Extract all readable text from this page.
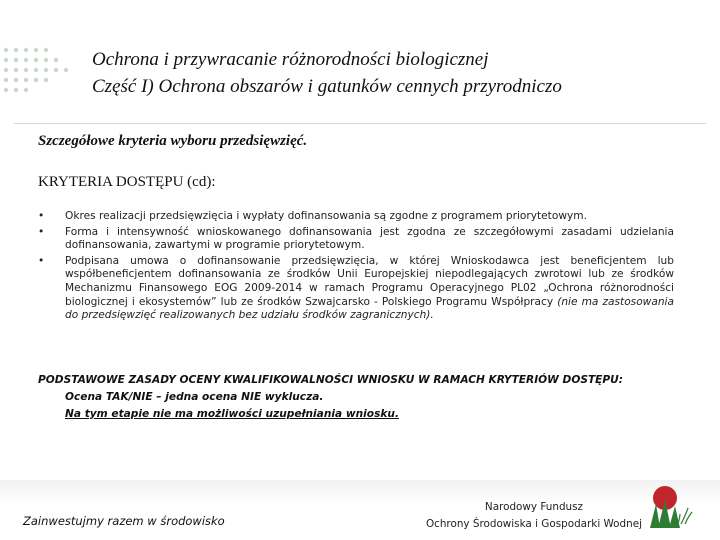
Ochrona i przywracanie różnorodności biologicznej
Część I) Ochrona obszarów i gatunków cennych przyrodniczo
Szczegółowe kryteria wyboru przedsięwzięć.
KRYTERIA DOSTĘPU (cd):
• Okres realizacji przedsięwzięcia i wypłaty dofinansowania są zgodne z programem priorytetowym.
• Forma i intensywność wnioskowanego dofinansowania jest zgodna ze szczegółowymi zasadami udzielania dofinansowania, zawartymi w programie priorytetowym.
• Podpisana umowa o dofinansowanie przedsięwzięcia, w której Wnioskodawca jest beneficjentem lub współbeneficjentem dofinansowania ze środków Unii Europejskiej niepodlegających zwrotowi lub ze środków Mechanizmu Finansowego EOG 2009-2014 w ramach Programu Operacyjnego PL02 „Ochrona różnorodności biologicznej i ekosystemów” lub ze środków Szwajcarsko - Polskiego Programu Współpracy (nie ma zastosowania do przedsięwzięć realizowanych bez udziału środków zagranicznych).
PODSTAWOWE ZASADY OCENY KWALIFIKOWALNOŚCI WNIOSKU W RAMACH KRYTERIÓW DOSTĘPU:
Ocena TAK/NIE – jedna ocena NIE wyklucza.
Na tym etapie nie ma możliwości uzupełniania wniosku.
Zainwestujmy razem w środowisko
Narodowy Fundusz
Ochrony Środowiska i Gospodarki Wodnej
